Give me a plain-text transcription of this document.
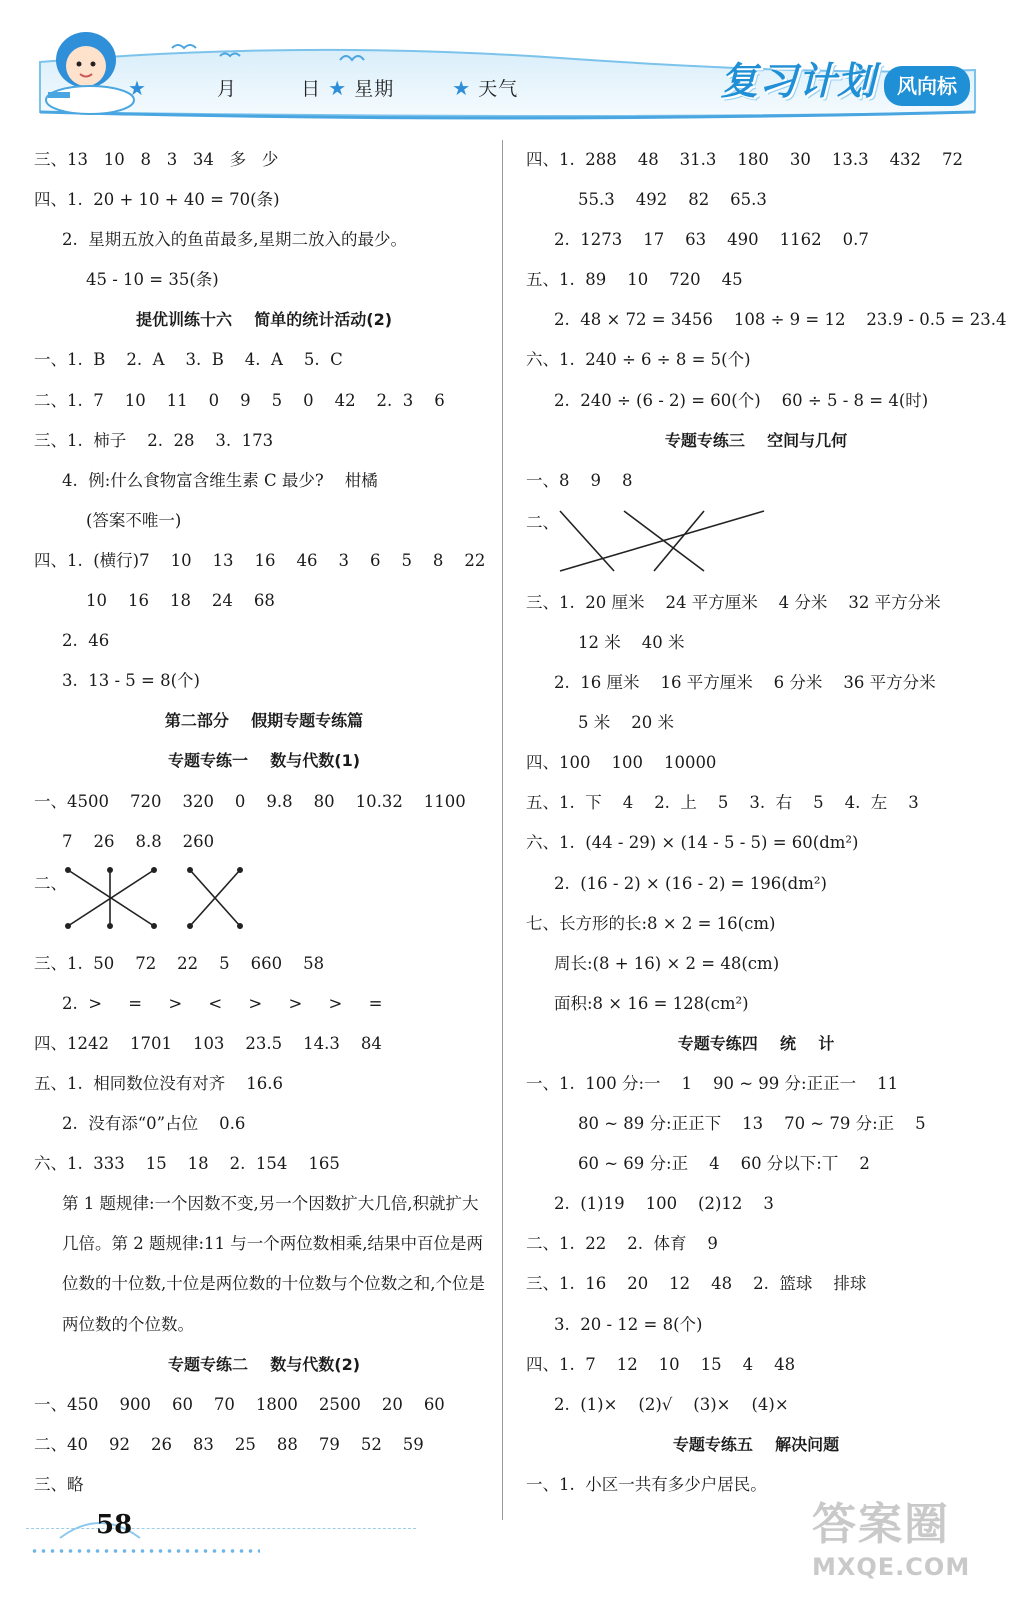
★	月	日 ★ 星期	★ 天气	复习计划	风向标
三、13   10   8   3   34   多   少
四、1.  20 + 10 + 40 = 70(条)
2.  星期五放入的鱼苗最多,星期二放入的最少。
45 - 10 = 35(条)
提优训练十六    简单的统计活动(2)
一、1.  B    2.  A    3.  B    4.  A    5.  C
二、1.  7    10    11    0    9    5    0    42    2.  3    6
三、1.  柿子    2.  28    3.  173
4.  例:什么食物富含维生素 C 最少?    柑橘
(答案不唯一)
四、1.  (横行)7    10    13    16    46    3    6    5    8    22
10    16    18    24    68
2.  46
3.  13 - 5 = 8(个)
第二部分    假期专题专练篇
专题专练一    数与代数(1)
一、4500    720    320    0    9.8    80    10.32    1100
7    26    8.8    260
二、
三、1.  50    72    22    5    660    58
2.  >     =     >     <     >     >     >     =
四、1242    1701    103    23.5    14.3    84
五、1.  相同数位没有对齐    16.6
2.  没有添“0”占位    0.6
六、1.  333    15    18    2.  154    165
第 1 题规律:一个因数不变,另一个因数扩大几倍,积就扩大几倍。第 2 题规律:11 与一个两位数相乘,结果中百位是两位数的十位数,十位是两位数的十位数与个位数之和,个位是两位数的个位数。
专题专练二    数与代数(2)
一、450    900    60    70    1800    2500    20    60
二、40    92    26    83    25    88    79    52    59
三、略
四、1.  288    48    31.3    180    30    13.3    432    72
55.3    492    82    65.3
2.  1273    17    63    490    1162    0.7
五、1.  89    10    720    45
2.  48 × 72 = 3456    108 ÷ 9 = 12    23.9 - 0.5 = 23.4
六、1.  240 ÷ 6 ÷ 8 = 5(个)
2.  240 ÷ (6 - 2) = 60(个)    60 ÷ 5 - 8 = 4(时)
专题专练三    空间与几何
一、8    9    8
二、
三、1.  20 厘米    24 平方厘米    4 分米    32 平方分米
12 米    40 米
2.  16 厘米    16 平方厘米    6 分米    36 平方分米
5 米    20 米
四、100    100    10000
五、1.  下    4    2.  上    5    3.  右    5    4.  左    3
六、1.  (44 - 29) × (14 - 5 - 5) = 60(dm²)
2.  (16 - 2) × (16 - 2) = 196(dm²)
七、长方形的长:8 × 2 = 16(cm)
周长:(8 + 16) × 2 = 48(cm)
面积:8 × 16 = 128(cm²)
专题专练四    统    计
一、1.  100 分:一    1    90 ~ 99 分:正正一    11
80 ~ 89 分:正正下    13    70 ~ 79 分:正    5
60 ~ 69 分:正    4    60 分以下:丅    2
2.  (1)19    100    (2)12    3
二、1.  22    2.  体育    9
三、1.  16    20    12    48    2.  篮球    排球
3.  20 - 12 = 8(个)
四、1.  7    12    10    15    4    48
2.  (1)×    (2)√    (3)×    (4)×
专题专练五    解决问题
一、1.  小区一共有多少户居民。
58	答案圈
MXQE.COM
